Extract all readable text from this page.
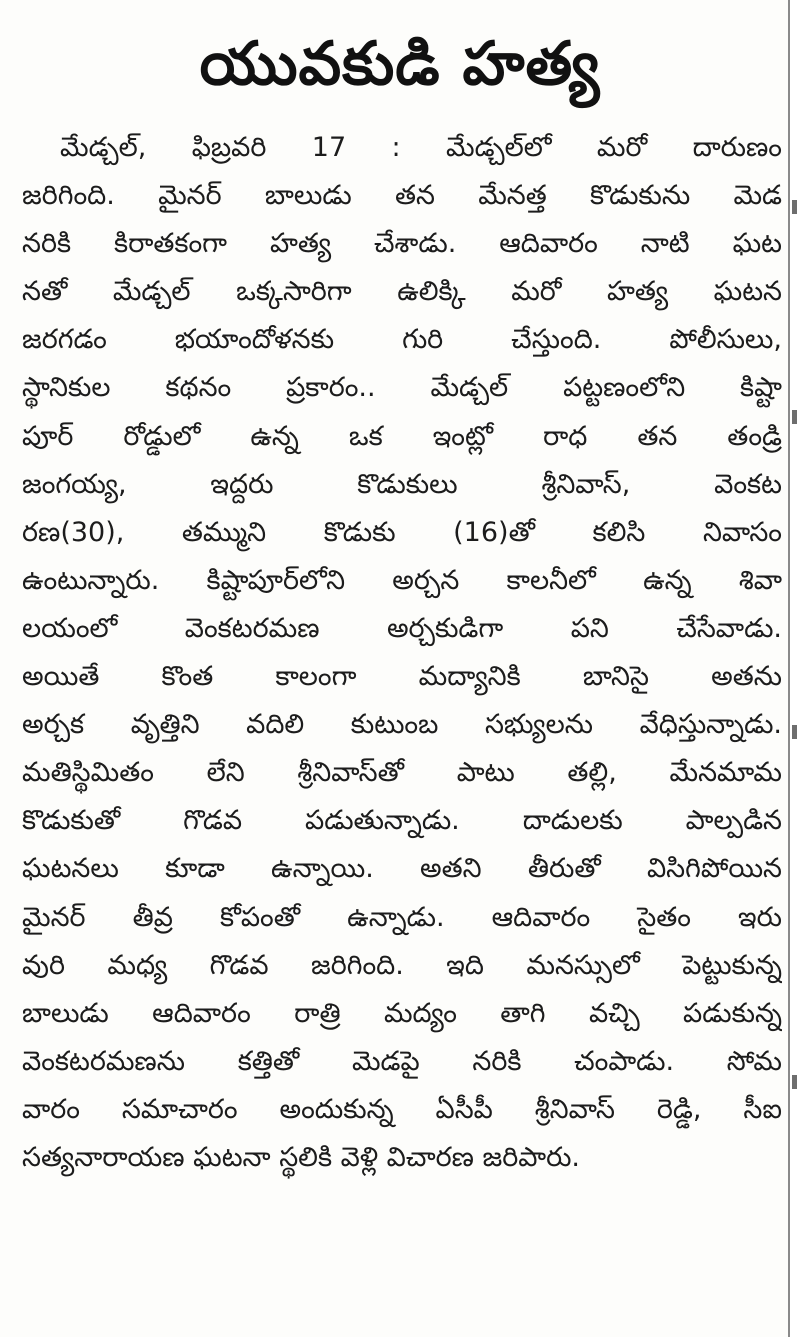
యువకుడి హత్య
మేడ్చల్, ఫిబ్రవరి 17 : మేడ్చల్‌లో మరో దారుణం
జరిగింది. మైనర్ బాలుడు తన మేనత్త కొడుకును మెడ
నరికి కిరాతకంగా హత్య చేశాడు. ఆదివారం నాటి ఘట
నతో మేడ్చల్ ఒక్కసారిగా ఉలిక్కి మరో హత్య ఘటన
జరగడం భయాందోళనకు గురి చేస్తుంది. పోలీసులు,
స్థానికుల కథనం ప్రకారం.. మేడ్చల్ పట్టణంలోని కిష్టా
పూర్ రోడ్డులో ఉన్న ఒక ఇంట్లో రాధ తన తండ్రి
జంగయ్య, ఇద్దరు కొడుకులు శ్రీనివాస్, వెంకట
రణ(30), తమ్ముని కొడుకు (16)తో కలిసి నివాసం
ఉంటున్నారు. కిష్టాపూర్‌లోని అర్చన కాలనీలో ఉన్న శివా
లయంలో వెంకటరమణ అర్చకుడిగా పని చేసేవాడు.
అయితే కొంత కాలంగా మద్యానికి బానిసై అతను
అర్చక వృత్తిని వదిలి కుటుంబ సభ్యులను వేధిస్తున్నాడు.
మతిస్థిమితం లేని శ్రీనివాస్‌తో పాటు తల్లి, మేనమామ
కొడుకుతో గొడవ పడుతున్నాడు. దాడులకు పాల్పడిన
ఘటనలు కూడా ఉన్నాయి. అతని తీరుతో విసిగిపోయిన
మైనర్ తీవ్ర కోపంతో ఉన్నాడు. ఆదివారం సైతం ఇరు
వురి మధ్య గొడవ జరిగింది. ఇది మనస్సులో పెట్టుకున్న
బాలుడు ఆదివారం రాత్రి మద్యం తాగి వచ్చి పడుకున్న
వెంకటరమణను కత్తితో మెడపై నరికి చంపాడు. సోమ
వారం సమాచారం అందుకున్న ఏసీపీ శ్రీనివాస్ రెడ్డి, సీఐ
సత్యనారాయణ ఘటనా స్థలికి వెళ్లి విచారణ జరిపారు.
